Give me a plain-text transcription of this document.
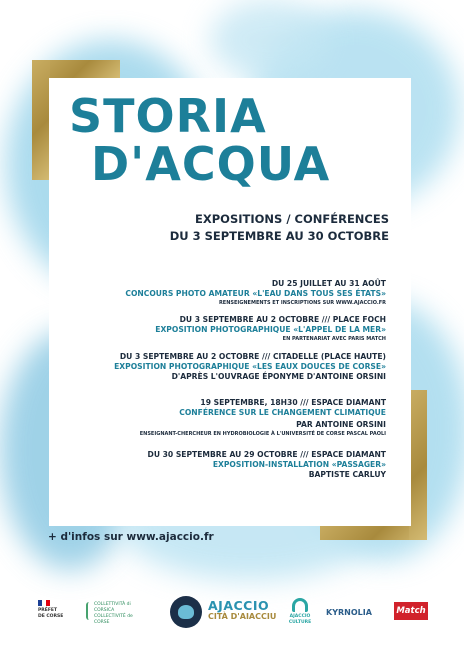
STORIA
D'ACQUA
EXPOSITIONS / CONFÉRENCES
DU 3 SEPTEMBRE AU 30 OCTOBRE
DU 25 JUILLET AU 31 AOÛT
CONCOURS PHOTO AMATEUR «L'EAU DANS TOUS SES ÉTATS»
RENSEIGNEMENTS ET INSCRIPTIONS SUR WWW.AJACCIO.FR
DU 3 SEPTEMBRE AU 2 OCTOBRE /// PLACE FOCH
EXPOSITION PHOTOGRAPHIQUE «L'APPEL DE LA MER»
EN PARTENARIAT AVEC PARIS MATCH
DU 3 SEPTEMBRE AU 2 OCTOBRE /// CITADELLE (PLACE HAUTE)
EXPOSITION PHOTOGRAPHIQUE «LES EAUX DOUCES DE CORSE»
D'APRÈS L'OUVRAGE ÉPONYME D'ANTOINE ORSINI
19 SEPTEMBRE, 18H30 /// ESPACE DIAMANT
CONFÉRENCE SUR LE CHANGEMENT CLIMATIQUE
PAR ANTOINE ORSINI
ENSEIGNANT-CHERCHEUR EN HYDROBIOLOGIE À L'UNIVERSITÉ DE CORSE PASCAL PAOLI
DU 30 SEPTEMBRE AU 29 OCTOBRE /// ESPACE DIAMANT
EXPOSITION-INSTALLATION «PASSAGER»
BAPTISTE CARLUY
+ d'infos sur www.ajaccio.fr
PRÉFET
DE CORSE
COLLETTIVITÀ di CORSICA
COLLECTIVITÉ de CORSE
AJACCIO
CITÀ D'AIACCIU	AJACCIO
CULTURE
KYRNOLIA	Match
